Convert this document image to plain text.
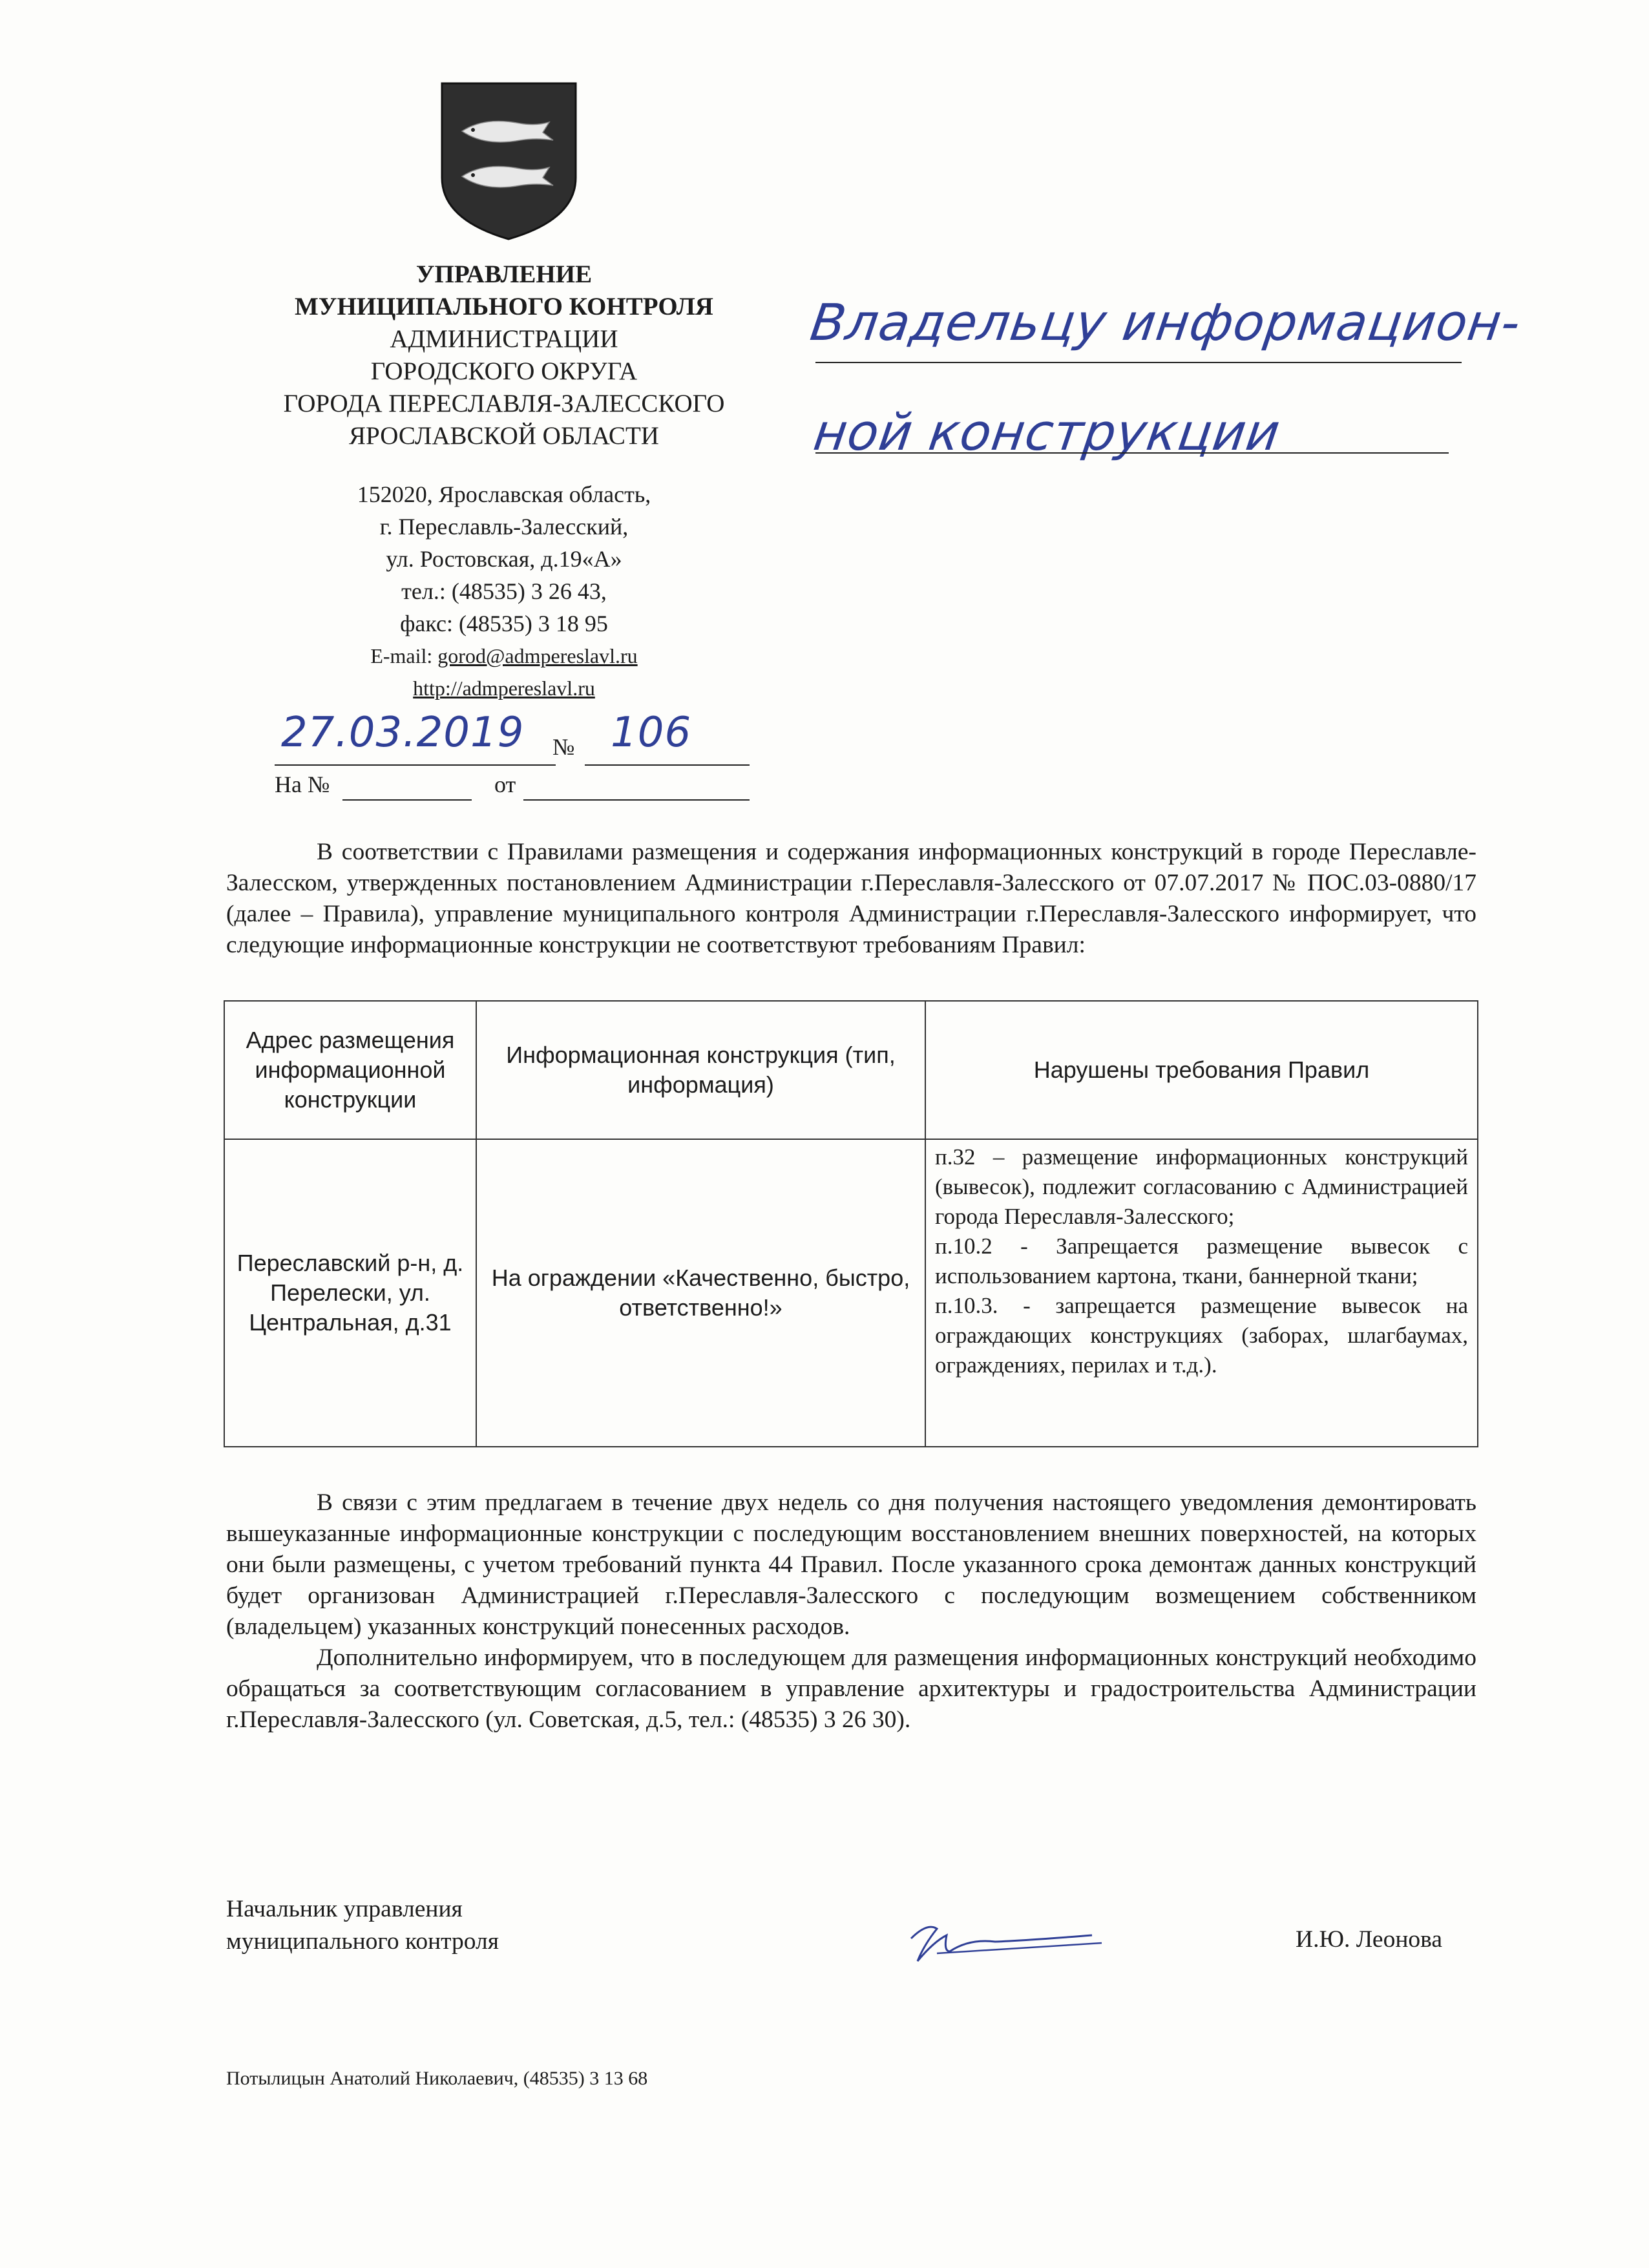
УПРАВЛЕНИЕ
МУНИЦИПАЛЬНОГО КОНТРОЛЯ
АДМИНИСТРАЦИИ
ГОРОДСКОГО ОКРУГА
ГОРОДА ПЕРЕСЛАВЛЯ-ЗАЛЕССКОГО
ЯРОСЛАВСКОЙ ОБЛАСТИ
152020, Ярославская область,
г. Переславль-Залесский,
ул. Ростовская, д.19«А»
тел.: (48535) 3 26 43,
факс: (48535) 3 18 95
E-mail: gorod@admpereslavl.ru
http://admpereslavl.ru
Владельцу информацион-
ной конструкции
27.03.2019 № 106
На №	от

В соответствии с Правилами размещения и содержания информационных конструкций в городе Переславле-Залесском, утвержденных постановлением Администрации г.Переславля-Залесского от 07.07.2017 № ПОС.03-0880/17 (далее – Правила), управление муниципального контроля Администрации г.Переславля-Залесского информирует, что следующие информационные конструкции не соответствуют требованиям Правил:

Адрес размещения информационной конструкции	Информационная конструкция (тип, информация)	Нарушены требования Правил
Переславский р-н, д. Перелески, ул. Центральная, д.31	На ограждении «Качественно, быстро, ответственно!»	п.32 – размещение информационных конструкций (вывесок), подлежит согласованию с Администрацией города Переславля-Залесского;
п.10.2 - Запрещается размещение вывесок с использованием картона, ткани, баннерной ткани;
п.10.3. - запрещается размещение вывесок на ограждающих конструкциях (заборах, шлагбаумах, ограждениях, перилах и т.д.).

В связи с этим предлагаем в течение двух недель со дня получения настоящего уведомления демонтировать вышеуказанные информационные конструкции с последующим восстановлением внешних поверхностей, на которых они были размещены, с учетом требований пункта 44 Правил. После указанного срока демонтаж данных конструкций будет организован Администрацией г.Переславля-Залесского с последующим возмещением собственником (владельцем) указанных конструкций понесенных расходов.

Дополнительно информируем, что в последующем для размещения информационных конструкций необходимо обращаться за соответствующим согласованием в управление архитектуры и градостроительства Администрации г.Переславля-Залесского (ул. Советская, д.5, тел.: (48535) 3 26 30).

Начальник управления
муниципального контроля	И.Ю. Леонова
Потылицын Анатолий Николаевич, (48535) 3 13 68
